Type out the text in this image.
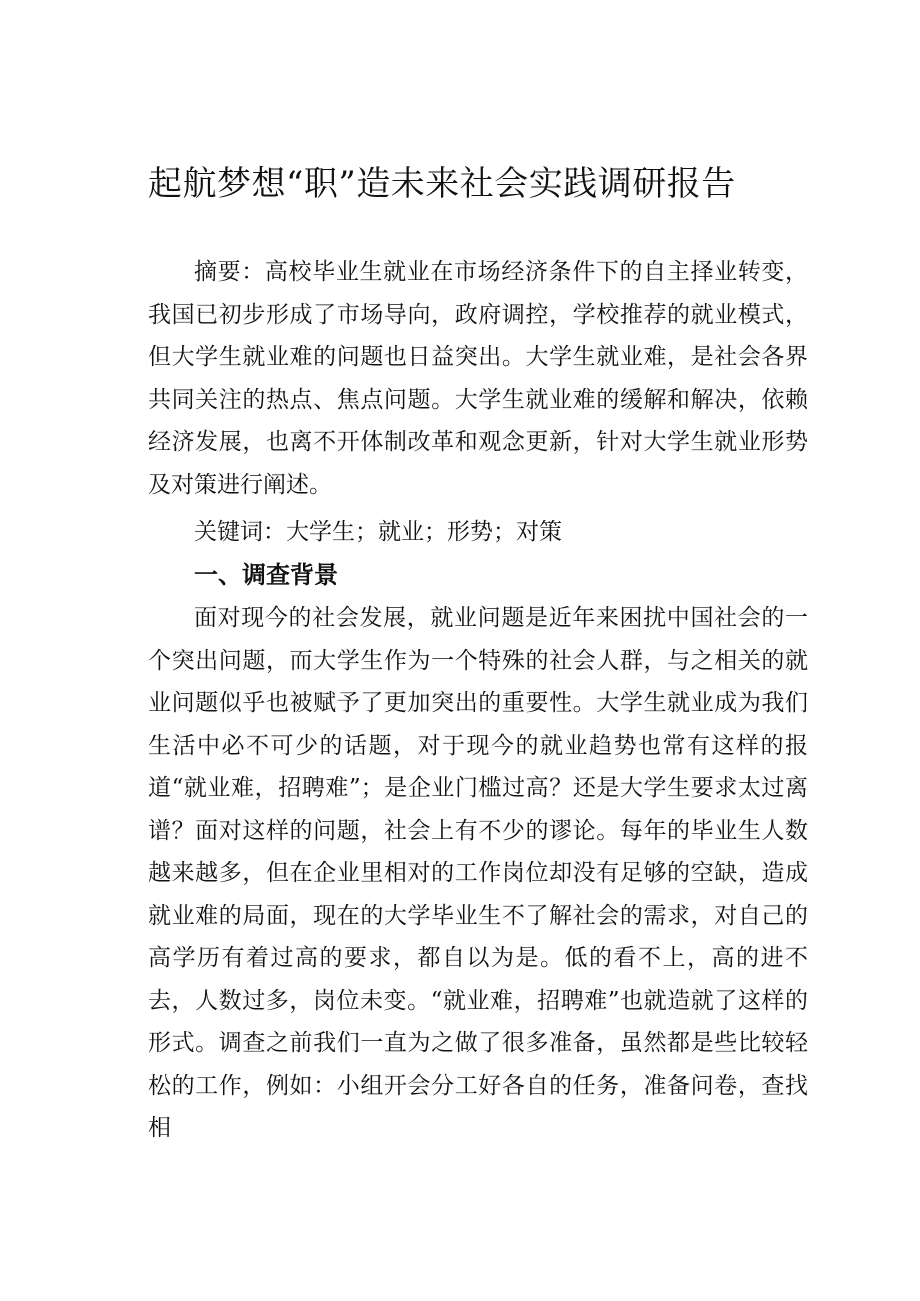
起航梦想“职”造未来社会实践调研报告

摘要：高校毕业生就业在市场经济条件下的自主择业转变，我国已初步形成了市场导向，政府调控，学校推荐的就业模式，但大学生就业难的问题也日益突出。大学生就业难，是社会各界共同关注的热点、焦点问题。大学生就业难的缓解和解决，依赖经济发展，也离不开体制改革和观念更新，针对大学生就业形势及对策进行阐述。

关键词：大学生；就业；形势；对策

一、调查背景

面对现今的社会发展，就业问题是近年来困扰中国社会的一个突出问题，而大学生作为一个特殊的社会人群，与之相关的就业问题似乎也被赋予了更加突出的重要性。大学生就业成为我们生活中必不可少的话题，对于现今的就业趋势也常有这样的报道“就业难，招聘难”；是企业门槛过高？还是大学生要求太过离谱？面对这样的问题，社会上有不少的谬论。每年的毕业生人数越来越多，但在企业里相对的工作岗位却没有足够的空缺，造成就业难的局面，现在的大学毕业生不了解社会的需求，对自己的高学历有着过高的要求，都自以为是。低的看不上，高的进不去，人数过多，岗位未变。“就业难，招聘难”也就造就了这样的形式。调查之前我们一直为之做了很多准备，虽然都是些比较轻松的工作，例如：小组开会分工好各自的任务，准备问卷，查找相
